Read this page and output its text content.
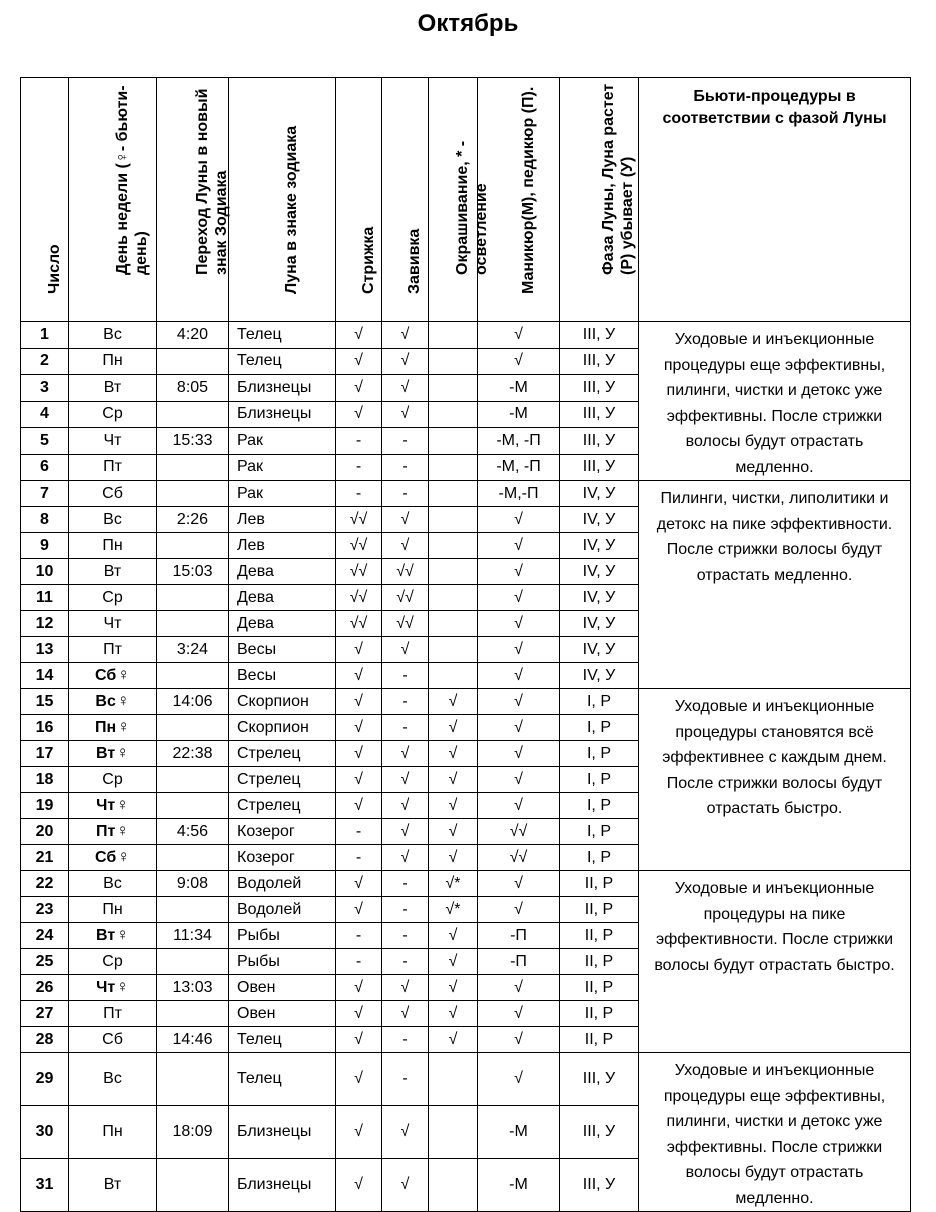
Октябрь
Число	День недели (♀- бьюти-день)	Переход Луны в новый знак Зодиака	Луна в знаке зодиака	Стрижка	Завивка	Окрашивание, * - осветление	Маникюр(М), педикюр (П).	Фаза Луны, Луна растет (Р) убывает (У)	Бьюти-процедуры в соответствии с фазой Луны
1	Вс	4:20	Телец	√	√		√	III, У	Уходовые и инъекционные процедуры еще эффективны, пилинги, чистки и детокс уже эффективны. После стрижки волосы будут отрастать медленно.
2	Пн		Телец	√	√		√	III, У	
3	Вт	8:05	Близнецы	√	√		-М	III, У	
4	Ср		Близнецы	√	√		-М	III, У	
5	Чт	15:33	Рак	-	-		-М, -П	III, У	
6	Пт		Рак	-	-		-М, -П	III, У	
7	Сб		Рак	-	-		-М,-П	IV, У	Пилинги, чистки, липолитики и детокс на пике эффективности. После стрижки волосы будут отрастать медленно.
8	Вс	2:26	Лев	√√	√		√	IV, У	
9	Пн		Лев	√√	√		√	IV, У	
10	Вт	15:03	Дева	√√	√√		√	IV, У	
11	Ср		Дева	√√	√√		√	IV, У	
12	Чт		Дева	√√	√√		√	IV, У	
13	Пт	3:24	Весы	√	√		√	IV, У	
14	Сб♀		Весы	√	-		√	IV, У	
15	Вс♀	14:06	Скорпион	√	-	√	√	I, Р	Уходовые и инъекционные процедуры становятся всё эффективнее с каждым днем. После стрижки волосы будут отрастать быстро.
16	Пн♀		Скорпион	√	-	√	√	I, Р	
17	Вт♀	22:38	Стрелец	√	√	√	√	I, Р	
18	Ср		Стрелец	√	√	√	√	I, Р	
19	Чт♀		Стрелец	√	√	√	√	I, Р	
20	Пт♀	4:56	Козерог	-	√	√	√√	I, Р	
21	Сб♀		Козерог	-	√	√	√√	I, Р	
22	Вс	9:08	Водолей	√	-	√*	√	II, Р	Уходовые и инъекционные процедуры на пике эффективности. После стрижки волосы будут отрастать быстро.
23	Пн		Водолей	√	-	√*	√	II, Р	
24	Вт♀	11:34	Рыбы	-	-	√	-П	II, Р	
25	Ср		Рыбы	-	-	√	-П	II, Р	
26	Чт♀	13:03	Овен	√	√	√	√	II, Р	
27	Пт		Овен	√	√	√	√	II, Р	
28	Сб	14:46	Телец	√	-	√	√	II, Р	
29	Вс		Телец	√	-		√	III, У	Уходовые и инъекционные процедуры еще эффективны, пилинги, чистки и детокс уже эффективны. После стрижки волосы будут отрастать медленно.
30	Пн	18:09	Близнецы	√	√		-М	III, У	
31	Вт		Близнецы	√	√		-М	III, У	
